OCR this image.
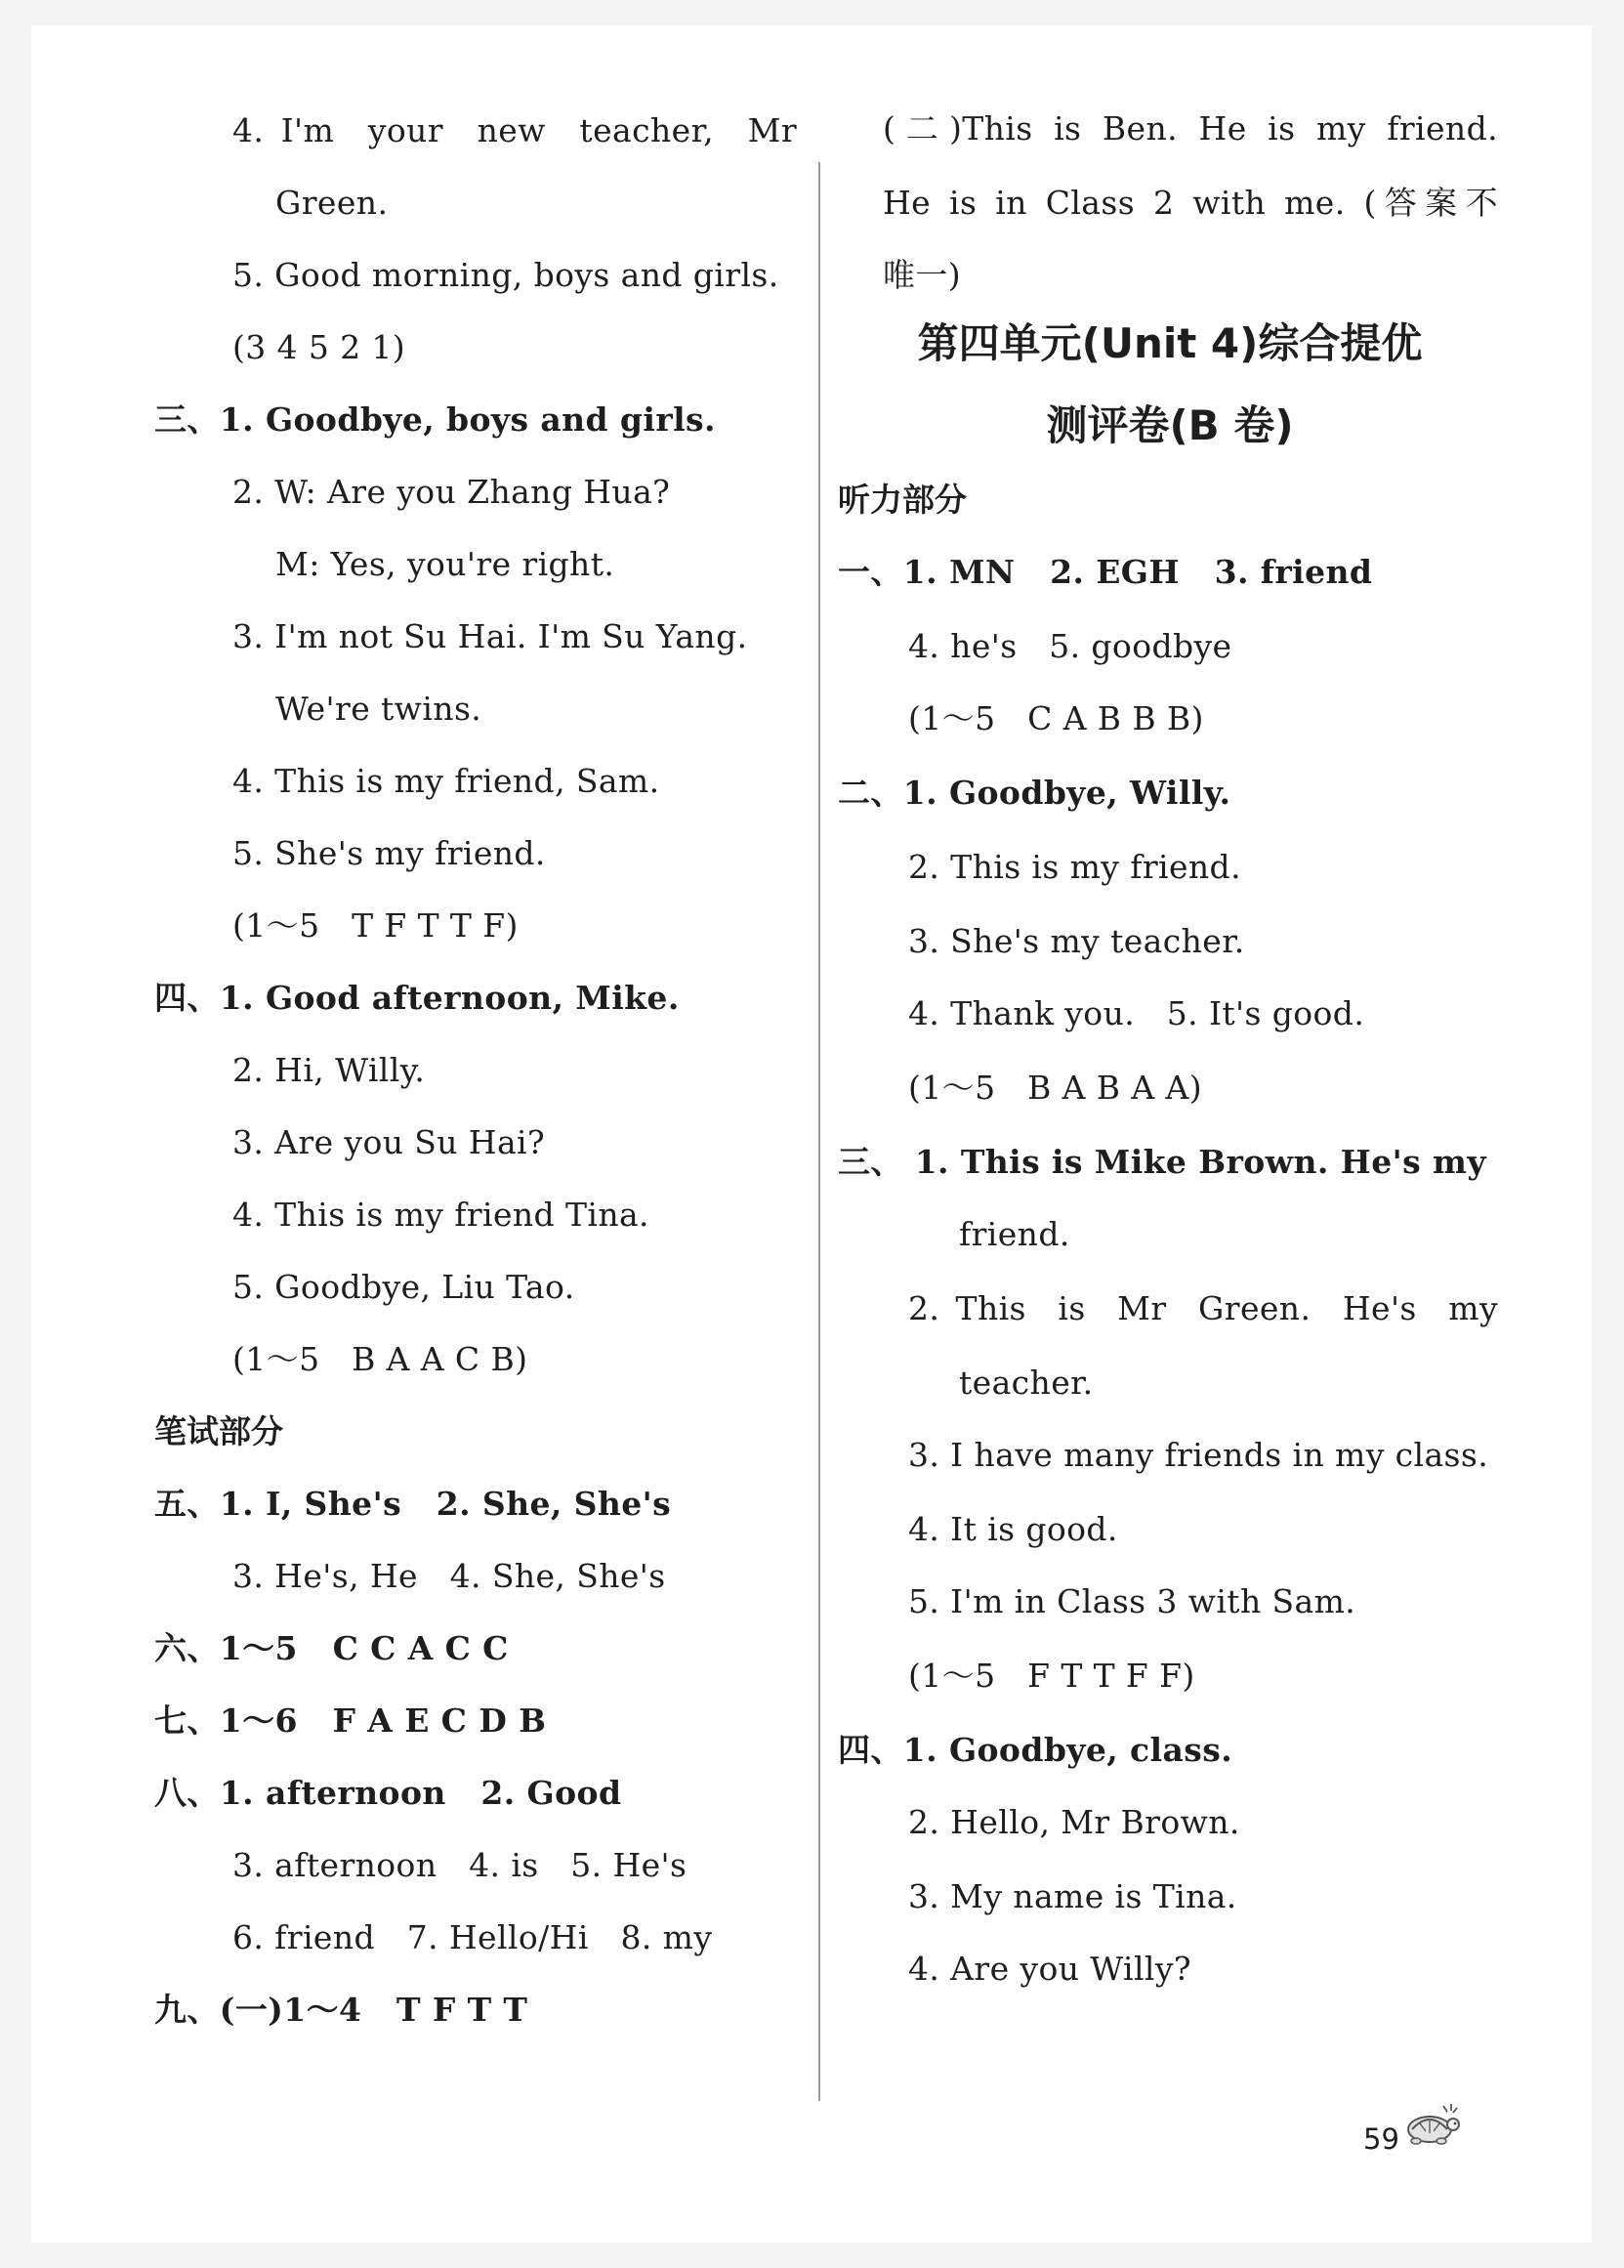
4. I'm  your  new  teacher,  Mr
Green.
5. Good morning, boys and girls.
(3 4 5 2 1)
三、1. Goodbye, boys and girls.
2. W: Are you Zhang Hua?
M: Yes, you're right.
3. I'm not Su Hai. I'm Su Yang.
We're twins.
4. This is my friend, Sam.
5. She's my friend.
(1～5   T F T T F)
四、1. Good afternoon, Mike.
2. Hi, Willy.
3. Are you Su Hai?
4. This is my friend Tina.
5. Goodbye, Liu Tao.
(1～5   B A A C B)
笔试部分
五、1. I, She's   2. She, She's
3. He's, He   4. She, She's
六、1～5   C C A C C
七、1～6   F A E C D B
八、1. afternoon   2. Good
3. afternoon   4. is   5. He's
6. friend   7. Hello/Hi   8. my
九、(一)1～4   T F T T
(二)This is Ben. He is my friend.
He is in Class 2 with me. (答案不
唯一)
第四单元(Unit 4)综合提优
测评卷(B 卷)
听力部分
一、1. MN   2. EGH   3. friend
4. he's   5. goodbye
(1～5   C A B B B)
二、1. Goodbye, Willy.
2. This is my friend.
3. She's my teacher.
4. Thank you.   5. It's good.
(1～5   B A B A A)
三、 1. This is Mike Brown. He's my
friend.
2. This  is  Mr  Green.  He's  my
teacher.
3. I have many friends in my class.
4. It is good.
5. I'm in Class 3 with Sam.
(1～5   F T T F F)
四、1. Goodbye, class.
2. Hello, Mr Brown.
3. My name is Tina.
4. Are you Willy?
59
